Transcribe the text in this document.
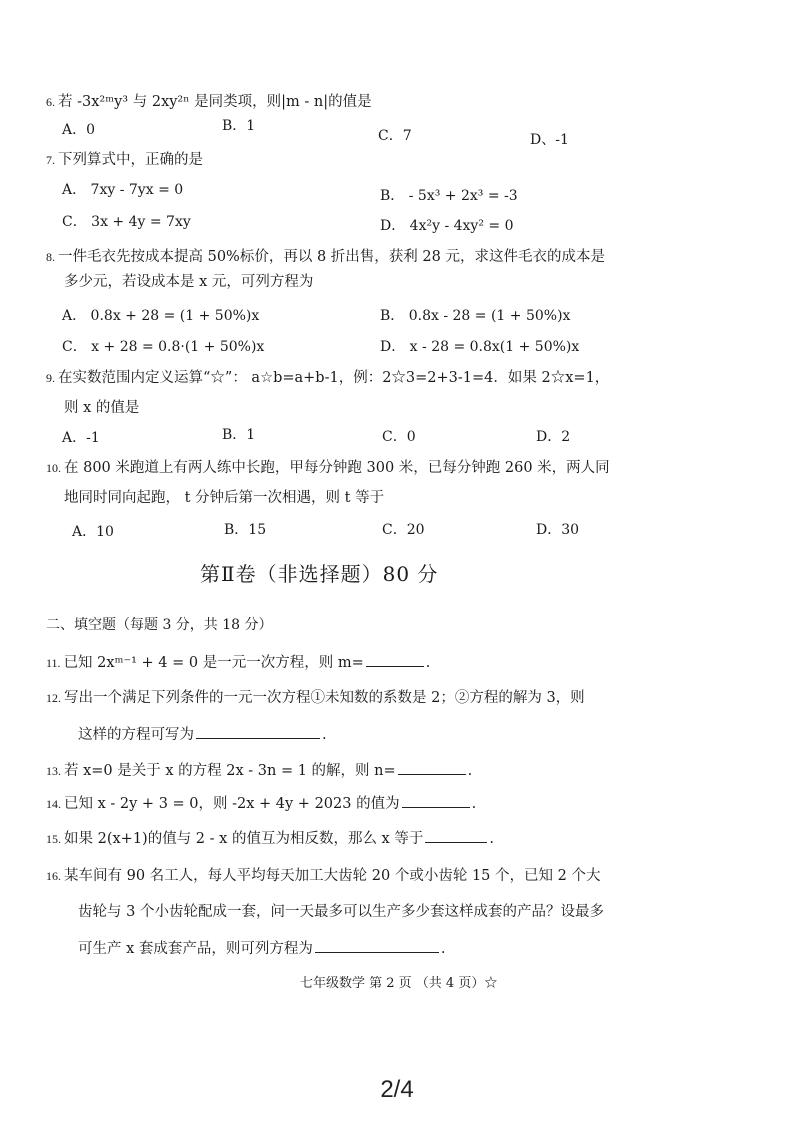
6. 若 -3x²ᵐy³ 与 2xy²ⁿ 是同类项，则|m - n|的值是
A．0	B．1
C．7	D、-1
7. 下列算式中，正确的是
A． 7xy - 7yx = 0	B． - 5x³ + 2x³ = -3
C． 3x + 4y = 7xy	D． 4x²y - 4xy² = 0
8. 一件毛衣先按成本提高 50%标价，再以 8 折出售，获利 28 元，求这件毛衣的成本是
多少元，若设成本是 x 元，可列方程为
A． 0.8x + 28 = (1 + 50%)x	B． 0.8x - 28 = (1 + 50%)x
C． x + 28 = 0.8·(1 + 50%)x	D． x - 28 = 0.8x(1 + 50%)x
9. 在实数范围内定义运算“☆”： a☆b=a+b-1，例：2☆3=2+3-1=4．如果 2☆x=1，
则 x 的值是
A．-1	B．1	C．0	D．2
10. 在 800 米跑道上有两人练中长跑，甲每分钟跑 300 米，已每分钟跑 260 米，两人同
地同时同向起跑， t 分钟后第一次相遇，则 t 等于
A．10	B．15	C．20	D．30
第Ⅱ卷（非选择题）80 分
二、填空题（每题 3 分，共 18 分）
11. 已知 2xᵐ⁻¹ + 4 = 0 是一元一次方程，则 m=	.
12. 写出一个满足下列条件的一元一次方程①未知数的系数是 2；②方程的解为 3，则
这样的方程可写为	.
13. 若 x=0 是关于 x 的方程 2x - 3n = 1 的解，则 n=	.
14. 已知 x - 2y + 3 = 0，则 -2x + 4y + 2023 的值为	.
15. 如果 2(x+1)的值与 2 - x 的值互为相反数，那么 x 等于	.
16. 某车间有 90 名工人，每人平均每天加工大齿轮 20 个或小齿轮 15 个，已知 2 个大
齿轮与 3 个小齿轮配成一套，问一天最多可以生产多少套这样成套的产品？设最多
可生产 x 套成套产品，则可列方程为	.
七年级数学 第 2 页 （共 4 页）☆
2/4
